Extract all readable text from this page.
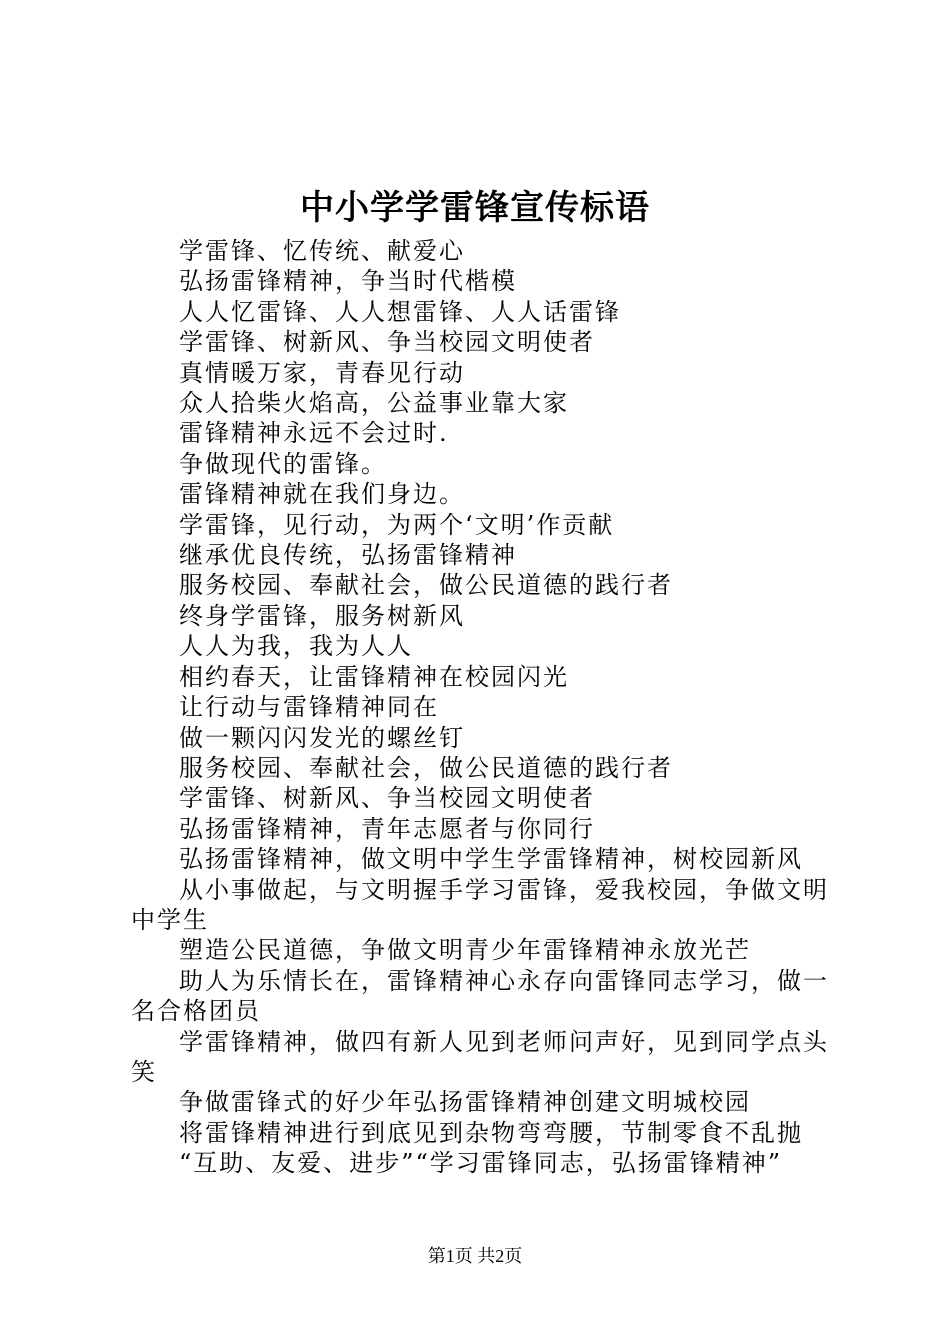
中小学学雷锋宣传标语

学雷锋、忆传统、献爱心

弘扬雷锋精神，争当时代楷模

人人忆雷锋、人人想雷锋、人人话雷锋

学雷锋、树新风、争当校园文明使者

真情暖万家，青春见行动

众人拾柴火焰高，公益事业靠大家

雷锋精神永远不会过时.

争做现代的雷锋。

雷锋精神就在我们身边。

学雷锋，见行动，为两个‘文明’作贡献

继承优良传统，弘扬雷锋精神

服务校园、奉献社会，做公民道德的践行者

终身学雷锋，服务树新风

人人为我，我为人人

相约春天，让雷锋精神在校园闪光

让行动与雷锋精神同在

做一颗闪闪发光的螺丝钉

服务校园、奉献社会，做公民道德的践行者

学雷锋、树新风、争当校园文明使者

弘扬雷锋精神，青年志愿者与你同行

弘扬雷锋精神，做文明中学生学雷锋精神，树校园新风

从小事做起，与文明握手学习雷锋，爱我校园，争做文明中学生

塑造公民道德，争做文明青少年雷锋精神永放光芒

助人为乐情长在，雷锋精神心永存向雷锋同志学习，做一名合格团员

学雷锋精神，做四有新人见到老师问声好，见到同学点头笑

争做雷锋式的好少年弘扬雷锋精神创建文明城校园

将雷锋精神进行到底见到杂物弯弯腰，节制零食不乱抛

“互助、友爱、进步”“学习雷锋同志，弘扬雷锋精神”

第1页 共2页
